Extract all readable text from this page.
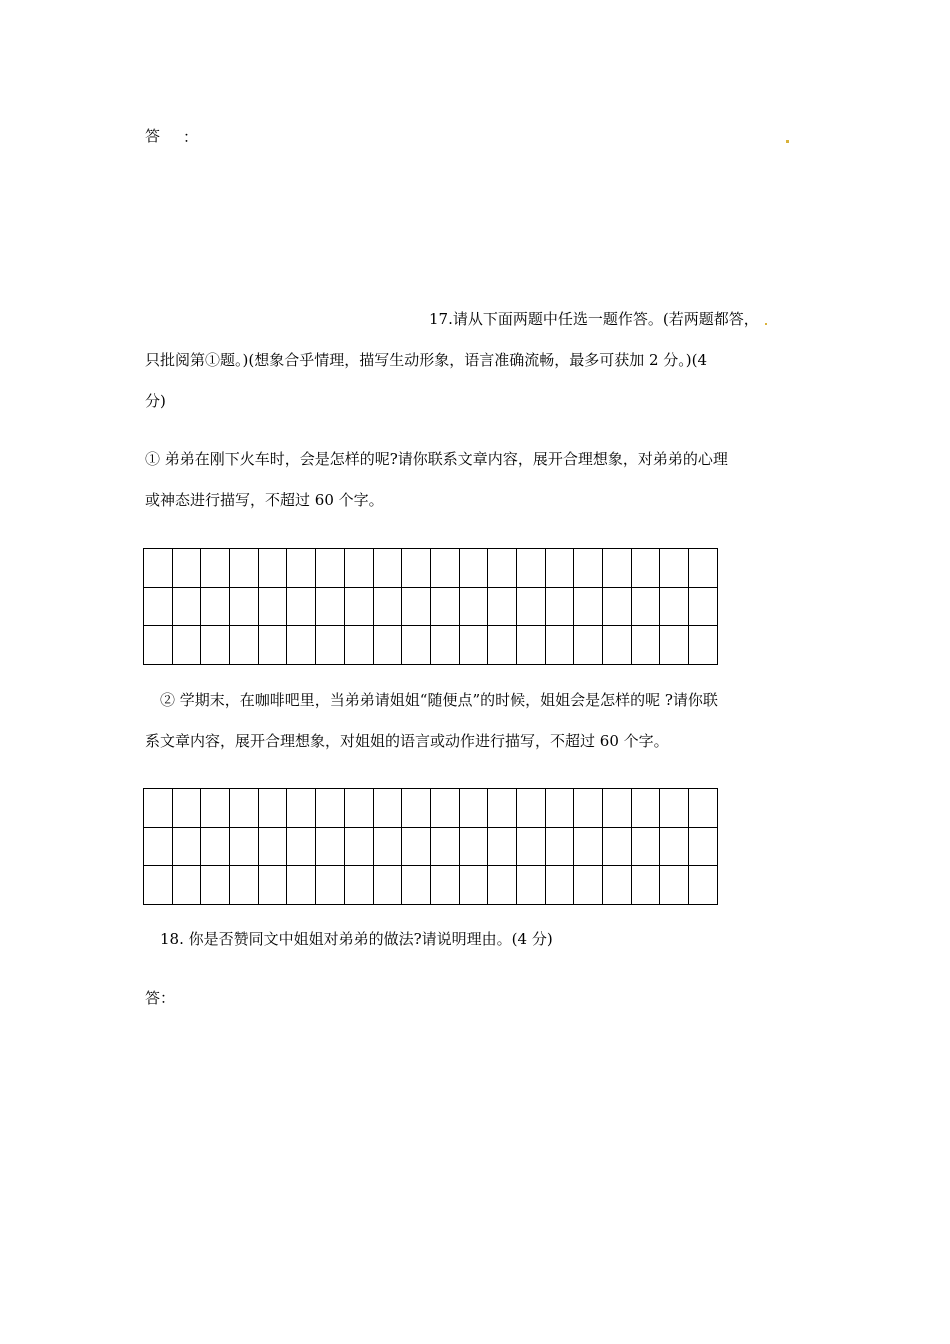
答 ：
17.请从下面两题中任选一题作答。(若两题都答，
只批阅第①题。)(想象合乎情理，描写生动形象，语言准确流畅，最多可获加 2 分。)(4
分)
① 弟弟在刚下火车时，会是怎样的呢?请你联系文章内容，展开合理想象，对弟弟的心理
或神态进行描写，不超过 60 个字。

② 学期末，在咖啡吧里，当弟弟请姐姐“随便点”的时候，姐姐会是怎样的呢 ?请你联
系文章内容，展开合理想象，对姐姐的语言或动作进行描写，不超过 60 个字。

18. 你是否赞同文中姐姐对弟弟的做法?请说明理由。(4 分)
答：
